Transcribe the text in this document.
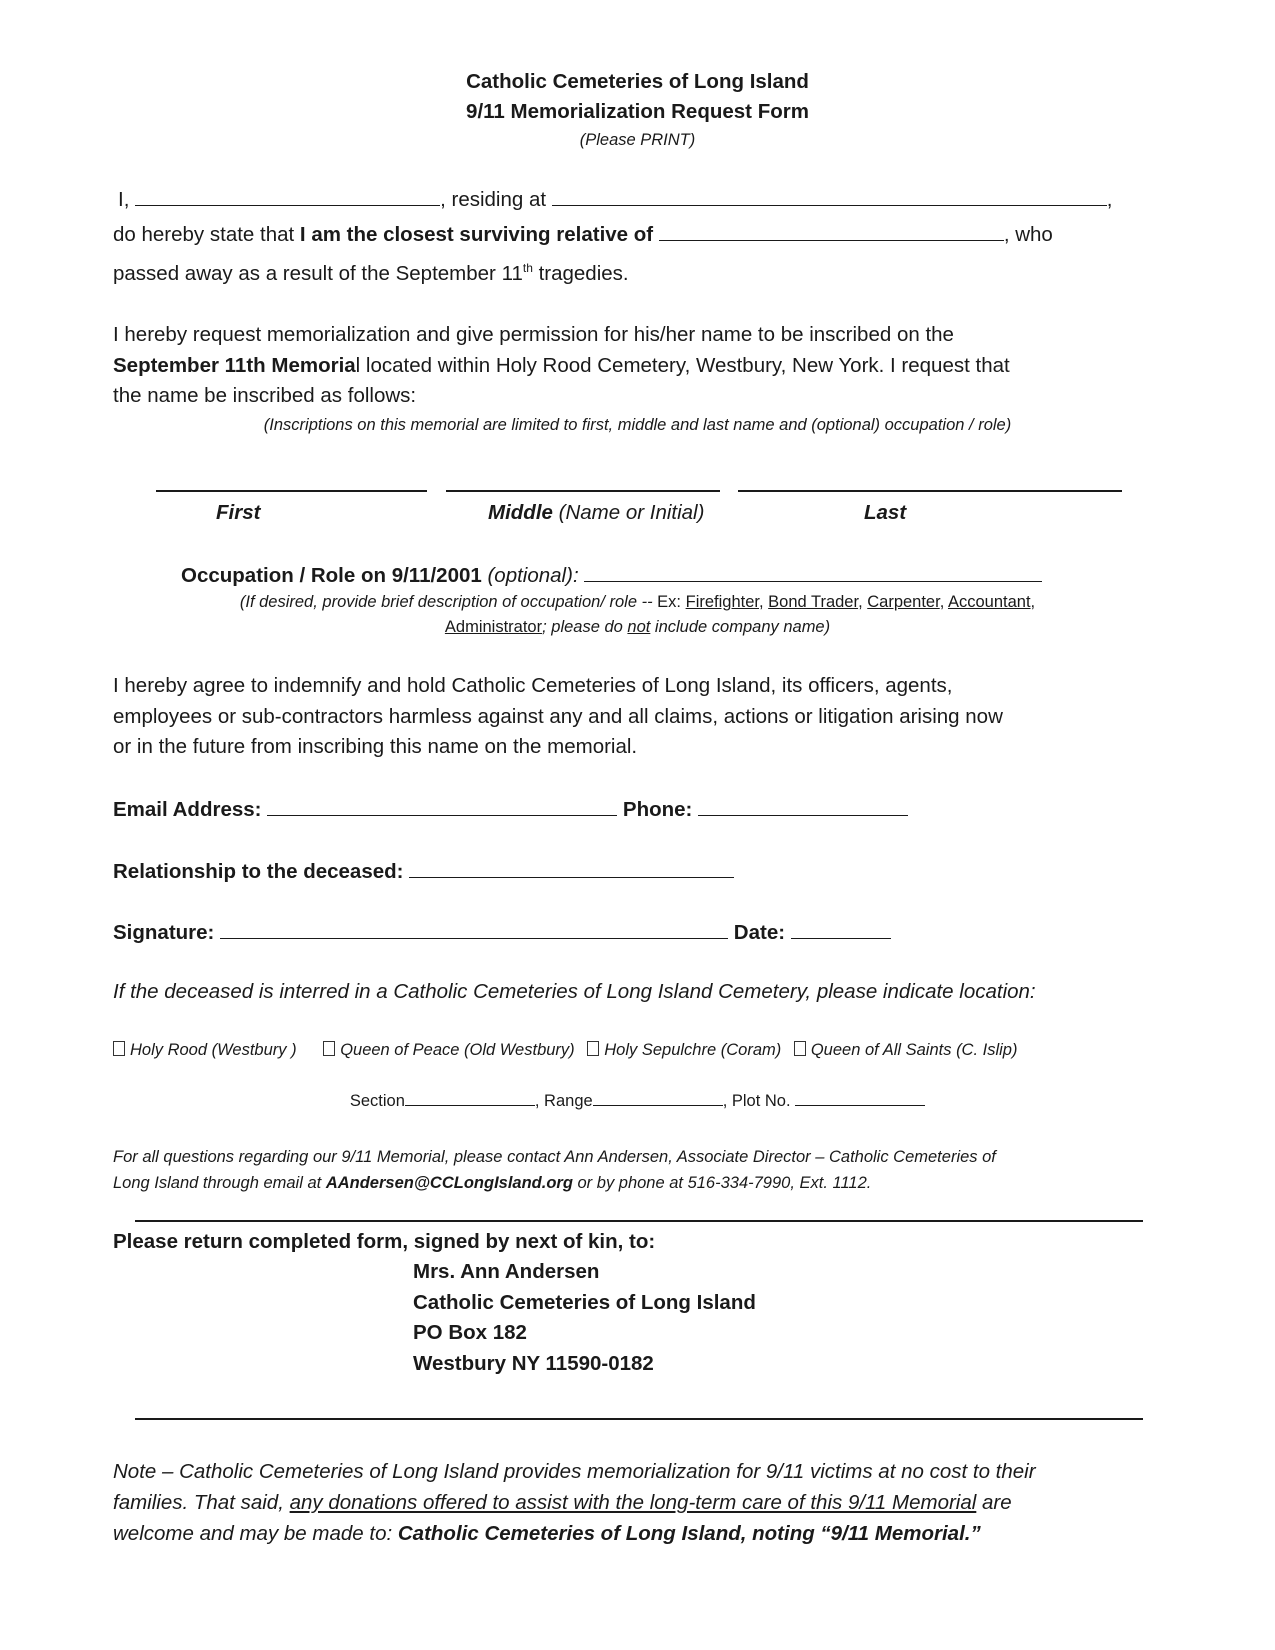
Catholic Cemeteries of Long Island
9/11 Memorialization Request Form
(Please PRINT)
I,	, residing at	,
do hereby state that I am the closest surviving relative of	, who
passed away as a result of the September 11th tragedies.
I hereby request memorialization and give permission for his/her name to be inscribed on the
September 11th Memorial located within Holy Rood Cemetery, Westbury, New York. I request that
the name be inscribed as follows:
(Inscriptions on this memorial are limited to first, middle and last name and (optional) occupation / role)
First	Middle (Name or Initial)	Last
Occupation / Role on 9/11/2001 (optional):
(If desired, provide brief description of occupation/ role -- Ex: Firefighter, Bond Trader, Carpenter, Accountant,
Administrator; please do not include company name)
I hereby agree to indemnify and hold Catholic Cemeteries of Long Island, its officers, agents,
employees or sub-contractors harmless against any and all claims, actions or litigation arising now
or in the future from inscribing this name on the memorial.
Email Address:	Phone:
Relationship to the deceased:
Signature:	Date:
If the deceased is interred in a Catholic Cemeteries of Long Island Cemetery, please indicate location:
Holy Rood (Westbury )	Queen of Peace (Old Westbury) Holy Sepulchre (Coram) Queen of All Saints (C. Islip)
Section	, Range	, Plot No.
For all questions regarding our 9/11 Memorial, please contact Ann Andersen, Associate Director – Catholic Cemeteries of
Long Island through email at AAndersen@CCLongIsland.org or by phone at 516-334-7990, Ext. 1112.
Please return completed form, signed by next of kin, to:
Mrs. Ann Andersen
Catholic Cemeteries of Long Island
PO Box 182
Westbury NY 11590-0182
Note – Catholic Cemeteries of Long Island provides memorialization for 9/11 victims at no cost to their
families. That said, any donations offered to assist with the long-term care of this 9/11 Memorial are
welcome and may be made to: Catholic Cemeteries of Long Island, noting “9/11 Memorial.”
